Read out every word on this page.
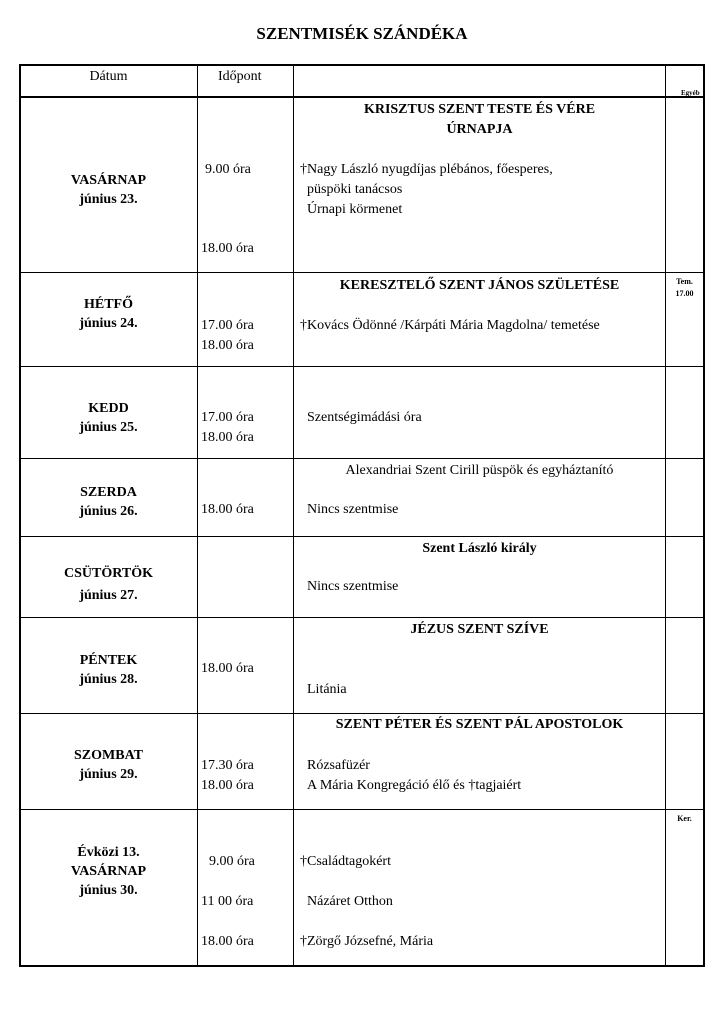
SZENTMISÉK SZÁNDÉKA
Dátum	Időpont
Egyéb
VASÁRNAP
június 23.
KRISZTUS SZENT TESTE ÉS VÉRE
ÚRNAPJA
9.00 óra
18.00 óra
†Nagy László nyugdíjas plébános, főesperes,
püspöki tanácsos
Úrnapi körmenet
HÉTFŐ
június 24.
KERESZTELŐ SZENT JÁNOS SZÜLETÉSE
17.00 óra
18.00 óra
†Kovács Ödönné /Kárpáti Mária Magdolna/ temetése
Tem.
17.00
KEDD
június 25.
17.00 óra
18.00 óra
Szentségimádási óra
SZERDA
június 26.
Alexandriai Szent Cirill püspök és egyháztanító
18.00 óra	Nincs szentmise
CSÜTÖRTÖK
június 27.
Szent László király
Nincs szentmise
PÉNTEK
június 28.
JÉZUS SZENT SZÍVE
18.00 óra
Litánia
SZOMBAT
június 29.
SZENT PÉTER ÉS SZENT PÁL APOSTOLOK
17.30 óra
18.00 óra
Rózsafüzér
A Mária Kongregáció élő és †tagjaiért
Évközi 13.
VASÁRNAP
június 30.
9.00 óra
11 00 óra
18.00 óra
†Családtagokért
Názáret Otthon
†Zörgő Józsefné, Mária
Ker.
